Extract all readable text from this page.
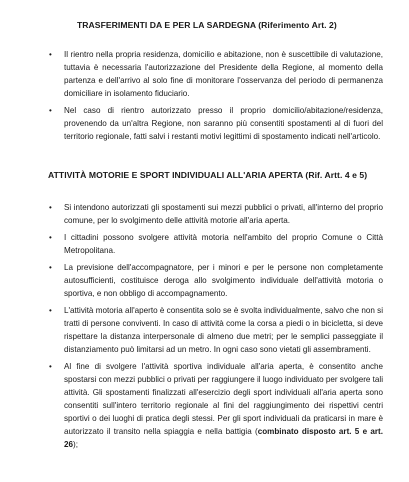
TRASFERIMENTI DA E PER LA SARDEGNA (Riferimento Art. 2)
• Il rientro nella propria residenza, domicilio e abitazione, non è suscettibile di valutazione, tuttavia è necessaria l'autorizzazione del Presidente della Regione, al momento della partenza e dell'arrivo al solo fine di monitorare l'osservanza del periodo di permanenza domiciliare in isolamento fiduciario.
• Nel caso di rientro autorizzato presso il proprio domicilio/abitazione/residenza, provenendo da un'altra Regione, non saranno più consentiti spostamenti al di fuori del territorio regionale, fatti salvi i restanti motivi legittimi di spostamento indicati nell'articolo.
ATTIVITÀ MOTORIE E SPORT INDIVIDUALI ALL'ARIA APERTA (Rif. Artt. 4 e 5)
• Si intendono autorizzati gli spostamenti sui mezzi pubblici o privati, all'interno del proprio comune, per lo svolgimento delle attività motorie all'aria aperta.
• I cittadini possono svolgere attività motoria nell'ambito del proprio Comune o Città Metropolitana.
• La previsione dell'accompagnatore, per i minori e per le persone non completamente autosufficienti, costituisce deroga allo svolgimento individuale dell'attività motoria o sportiva, e non obbligo di accompagnamento.
• L'attività motoria all'aperto è consentita solo se è svolta individualmente, salvo che non si tratti di persone conviventi. In caso di attività come la corsa a piedi o in bicicletta, si deve rispettare la distanza interpersonale di almeno due metri; per le semplici passeggiate il distanziamento può limitarsi ad un metro. In ogni caso sono vietati gli assembramenti.
• Al fine di svolgere l'attività sportiva individuale all'aria aperta, è consentito anche spostarsi con mezzi pubblici o privati per raggiungere il luogo individuato per svolgere tali attività. Gli spostamenti finalizzati all'esercizio degli sport individuali all'aria aperta sono consentiti sull'intero territorio regionale al fini del raggiungimento dei rispettivi centri sportivi o dei luoghi di pratica degli stessi. Per gli sport individuali da praticarsi in mare è autorizzato il transito nella spiaggia e nella battigia (combinato disposto art. 5 e art. 26);
